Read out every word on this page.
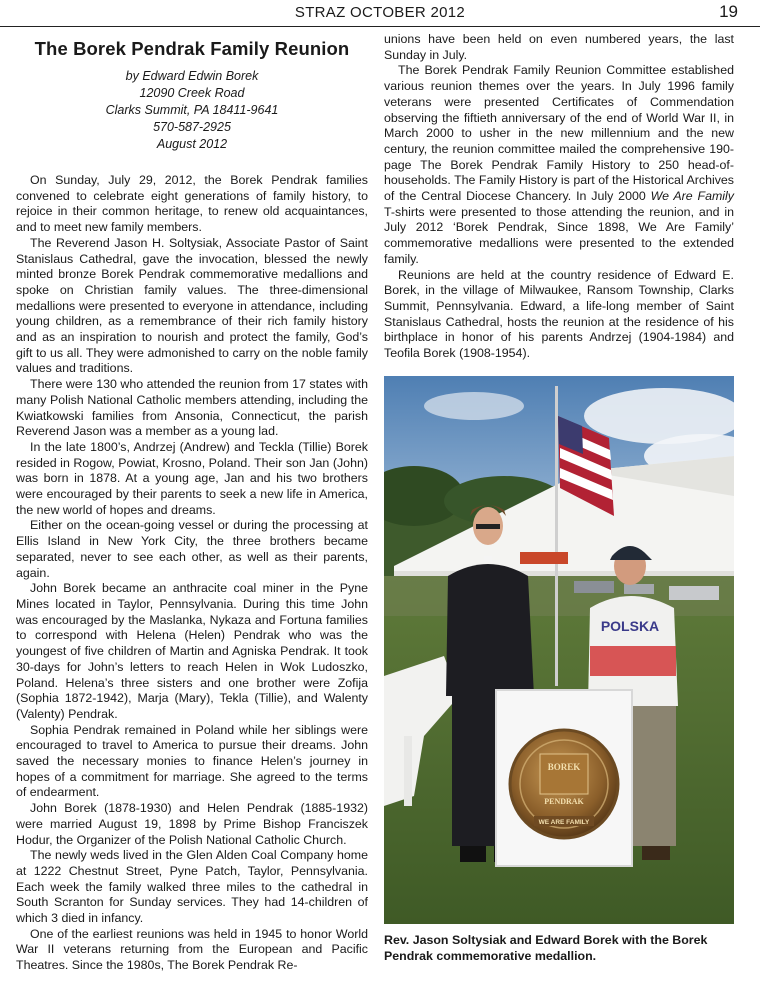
STRAZ OCTOBER 2012	19
The Borek Pendrak Family Reunion
by Edward Edwin Borek
12090 Creek Road
Clarks Summit, PA 18411-9641
570-587-2925
August 2012

On Sunday, July 29, 2012, the Borek Pendrak families convened to celebrate eight generations of family history, to rejoice in their common heritage, to renew old acquaintances, and to meet new family members.

The Reverend Jason H. Soltysiak, Associate Pastor of Saint Stanislaus Cathedral, gave the invocation, blessed the newly minted bronze Borek Pendrak commemorative medallions and spoke on Christian family values. The three-dimensional medallions were presented to everyone in attendance, including young children, as a remembrance of their rich family history and as an inspiration to nourish and protect the family, God’s gift to us all. They were admonished to carry on the noble family values and traditions.

There were 130 who attended the reunion from 17 states with many Polish National Catholic members attending, including the Kwiatkowski families from Ansonia, Connecticut, the parish Reverend Jason was a member as a young lad.

In the late 1800’s, Andrzej (Andrew) and Teckla (Tillie) Borek resided in Rogow, Powiat, Krosno, Poland. Their son Jan (John) was born in 1878. At a young age, Jan and his two brothers were encouraged by their parents to seek a new life in America, the new world of hopes and dreams.

Either on the ocean-going vessel or during the processing at Ellis Island in New York City, the three brothers became separated, never to see each other, as well as their parents, again.

John Borek became an anthracite coal miner in the Pyne Mines located in Taylor, Pennsylvania. During this time John was encouraged by the Maslanka, Nykaza and Fortuna families to correspond with Helena (Helen) Pendrak who was the youngest of five children of Martin and Agniska Pendrak. It took 30-days for John’s letters to reach Helen in Wok Ludoszko, Poland. Helena’s three sisters and one brother were Zofija (Sophia 1872-1942), Marja (Mary), Tekla (Tillie), and Walenty (Valenty) Pendrak.

Sophia Pendrak remained in Poland while her siblings were encouraged to travel to America to pursue their dreams. John saved the necessary monies to finance Helen’s journey in hopes of a commitment for marriage. She agreed to the terms of endearment.

John Borek (1878-1930) and Helen Pendrak (1885-1932) were married August 19, 1898 by Prime Bishop Franciszek Hodur, the Organizer of the Polish National Catholic Church.

The newly weds lived in the Glen Alden Coal Company home at 1222 Chestnut Street, Pyne Patch, Taylor, Pennsylvania. Each week the family walked three miles to the cathedral in South Scranton for Sunday services. They had 14-children of which 3 died in infancy.

One of the earliest reunions was held in 1945 to honor World War II veterans returning from the European and Pacific Theatres. Since the 1980s, The Borek Pendrak Re-

unions have been held on even numbered years, the last Sunday in July.

The Borek Pendrak Family Reunion Committee established various reunion themes over the years. In July 1996 family veterans were presented Certificates of Commendation observing the fiftieth anniversary of the end of World War II, in March 2000 to usher in the new millennium and the new century, the reunion committee mailed the comprehensive 190-page The Borek Pendrak Family History to 250 head-of-households. The Family History is part of the Historical Archives of the Central Diocese Chancery. In July 2000 We Are Family T-shirts were presented to those attending the reunion, and in July 2012 ‘Borek Pendrak, Since 1898, We Are Family’ commemorative medallions were presented to the extended family.

Reunions are held at the country residence of Edward E. Borek, in the village of Milwaukee, Ransom Township, Clarks Summit, Pennsylvania. Edward, a life-long member of Saint Stanislaus Cathedral, hosts the reunion at the residence of his birthplace in honor of his parents Andrzej (1904-1984) and Teofila Borek (1908-1954).

POLSKA
BOREK
PENDRAK
WE ARE FAMILY
Rev. Jason Soltysiak and Edward Borek with the Borek Pendrak commemorative medallion.
